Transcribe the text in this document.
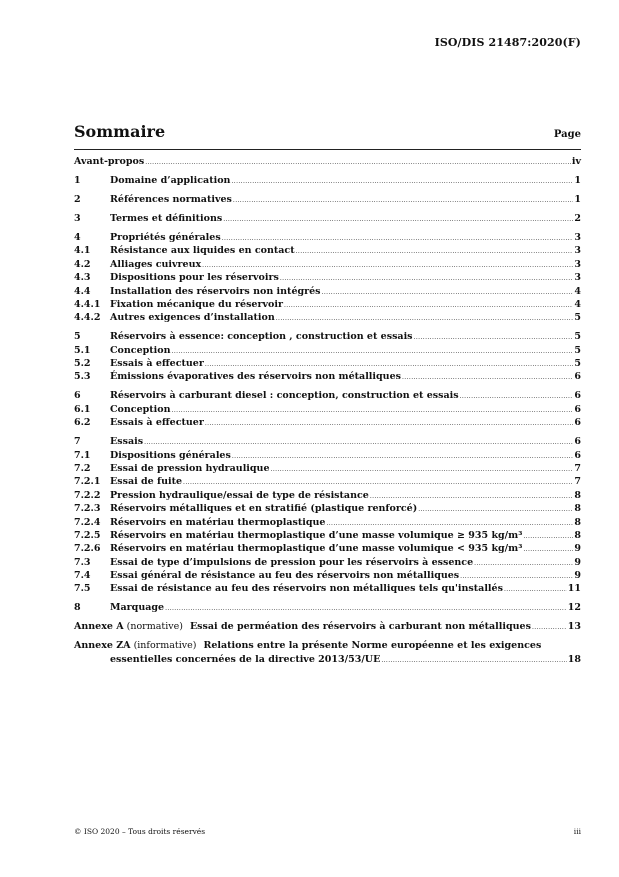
ISO/DIS 21487:2020(F)
Sommaire	Page
Avant-propos .....	iv
1	Domaine d’application .....	1
2	Références normatives .....	1
3	Termes et définitions .....	2
4	Propriétés générales .....	3
4.1	Résistance aux liquides en contact .....	3
4.2	Alliages cuivreux .....	3
4.3	Dispositions pour les réservoirs .....	3
4.4	Installation des réservoirs non intégrés .....	4
4.4.1	Fixation mécanique du réservoir .....	4
4.4.2	Autres exigences d’installation .....	5
5	Réservoirs à essence: conception , construction et essais .....	5
5.1	Conception .....	5
5.2	Essais à effectuer .....	5
5.3	Émissions évaporatives des réservoirs non métalliques .....	6
6	Réservoirs à carburant diesel : conception, construction et essais .....	6
6.1	Conception .....	6
6.2	Essais à effectuer .....	6
7	Essais .....	6
7.1	Dispositions générales .....	6
7.2	Essai de pression hydraulique .....	7
7.2.1	Essai de fuite .....	7
7.2.2	Pression hydraulique/essai de type de résistance .....	8
7.2.3	Réservoirs métalliques et en stratifié (plastique renforcé) .....	8
7.2.4	Réservoirs en matériau thermoplastique .....	8
7.2.5	Réservoirs en matériau thermoplastique d’une masse volumique ≥ 935 kg/m³ .....	8
7.2.6	Réservoirs en matériau thermoplastique d’une masse volumique < 935 kg/m³ .....	9
7.3	Essai de type d’impulsions de pression pour les réservoirs à essence .....	9
7.4	Essai général de résistance au feu des réservoirs non métalliques .....	9
7.5	Essai de résistance au feu des réservoirs non métalliques tels qu'installés .....	11
8	Marquage .....	12
Annexe A (normative) Essai de perméation des réservoirs à carburant non métalliques .....	13
Annexe ZA (informative) Relations entre la présente Norme européenne et les exigences
essentielles concernées de la directive 2013/53/UE .....	18
© ISO 2020 – Tous droits réservés	iii
